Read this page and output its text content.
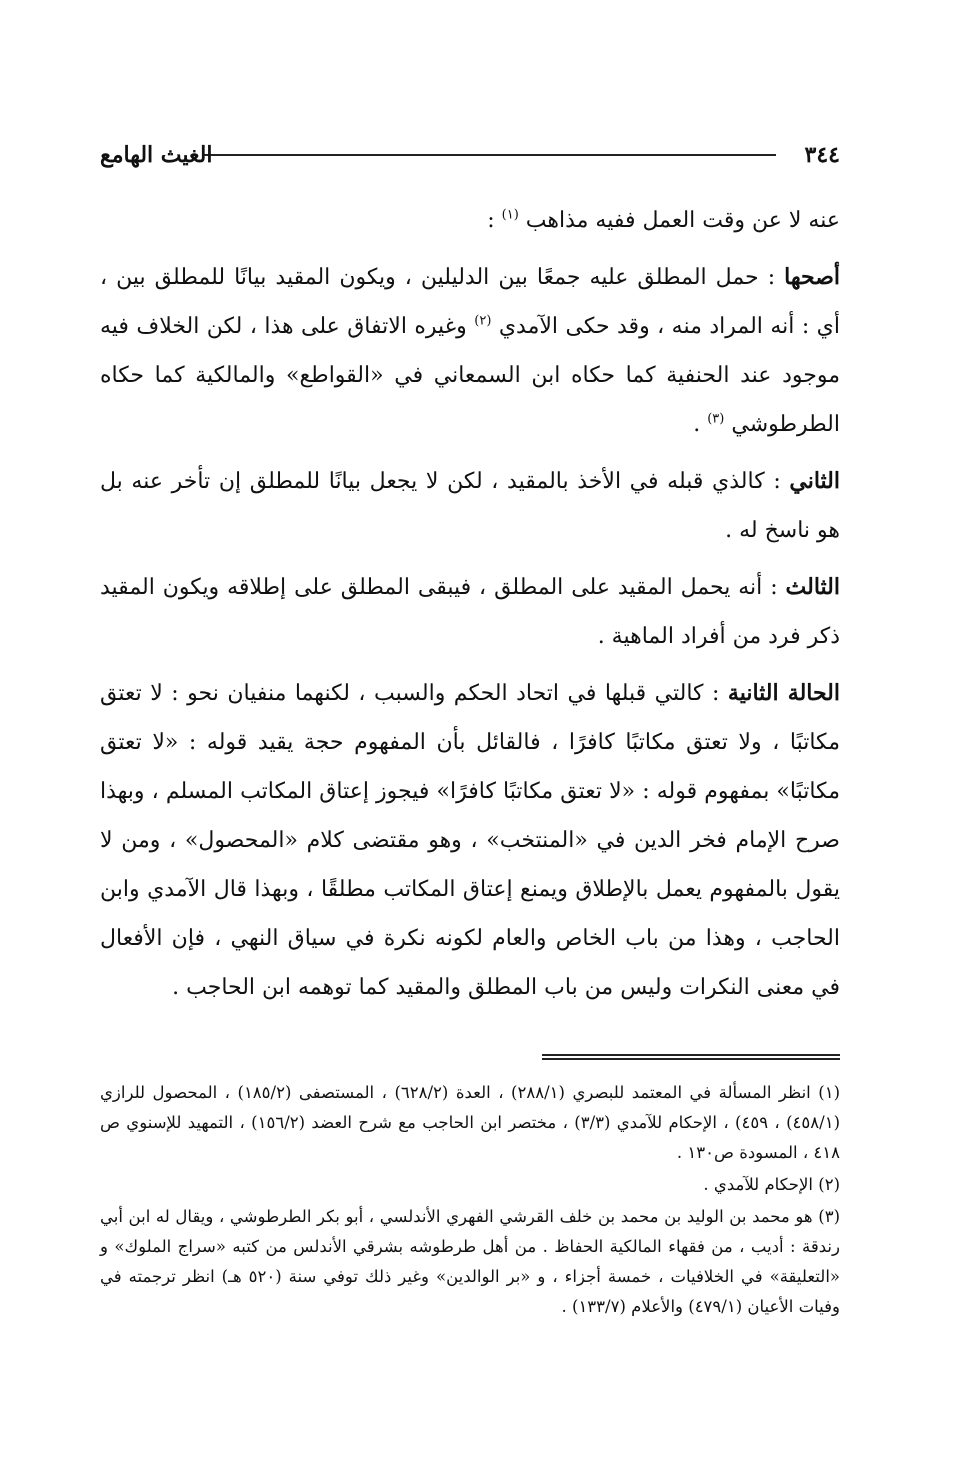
٣٤٤
الغيث الهامع

عنه لا عن وقت العمل ففيه مذاهب $^{(١)}$ :

أصحها : حمل المطلق عليه جمعًا بين الدليلين ، ويكون المقيد بيانًا للمطلق بين ، أي : أنه المراد منه ، وقد حكى الآمدي $^{(٢)}$ وغيره الاتفاق على هذا ، لكن الخلاف فيه موجود عند الحنفية كما حكاه ابن السمعاني في «القواطع» والمالكية كما حكاه الطرطوشي $^{(٣)}$ .

الثاني : كالذي قبله في الأخذ بالمقيد ، لكن لا يجعل بيانًا للمطلق إن تأخر عنه بل هو ناسخ له .

الثالث : أنه يحمل المقيد على المطلق ، فيبقى المطلق على إطلاقه ويكون المقيد ذكر فرد من أفراد الماهية .

الحالة الثانية : كالتي قبلها في اتحاد الحكم والسبب ، لكنهما منفيان نحو : لا تعتق مكاتبًا ، ولا تعتق مكاتبًا كافرًا ، فالقائل بأن المفهوم حجة يقيد قوله : «لا تعتق مكاتبًا» بمفهوم قوله : «لا تعتق مكاتبًا كافرًا» فيجوز إعتاق المكاتب المسلم ، وبهذا صرح الإمام فخر الدين في «المنتخب» ، وهو مقتضى كلام «المحصول» ، ومن لا يقول بالمفهوم يعمل بالإطلاق ويمنع إعتاق المكاتب مطلقًا ، وبهذا قال الآمدي وابن الحاجب ، وهذا من باب الخاص والعام لكونه نكرة في سياق النهي ، فإن الأفعال في معنى النكرات وليس من باب المطلق والمقيد كما توهمه ابن الحاجب .

(١) انظر المسألة في المعتمد للبصري (٢٨٨/١) ، العدة (٦٢٨/٢) ، المستصفى (١٨٥/٢) ، المحصول للرازي (٤٥٨/١) ، ٤٥٩) ، الإحكام للآمدي (٣/٣) ، مختصر ابن الحاجب مع شرح العضد (١٥٦/٢) ، التمهيد للإسنوي ص ٤١٨ ، المسودة ص١٣٠ .

(٢) الإحكام للآمدي .

(٣) هو محمد بن الوليد بن محمد بن خلف القرشي الفهري الأندلسي ، أبو بكر الطرطوشي ، ويقال له ابن أبي رندقة : أديب ، من فقهاء المالكية الحفاظ . من أهل طرطوشه بشرقي الأندلس من كتبه «سراج الملوك» و «التعليقة» في الخلافيات ، خمسة أجزاء ، و «بر الوالدين» وغير ذلك توفي سنة (٥٢٠ هـ) انظر ترجمته في وفيات الأعيان (٤٧٩/١) والأعلام (١٣٣/٧) .
